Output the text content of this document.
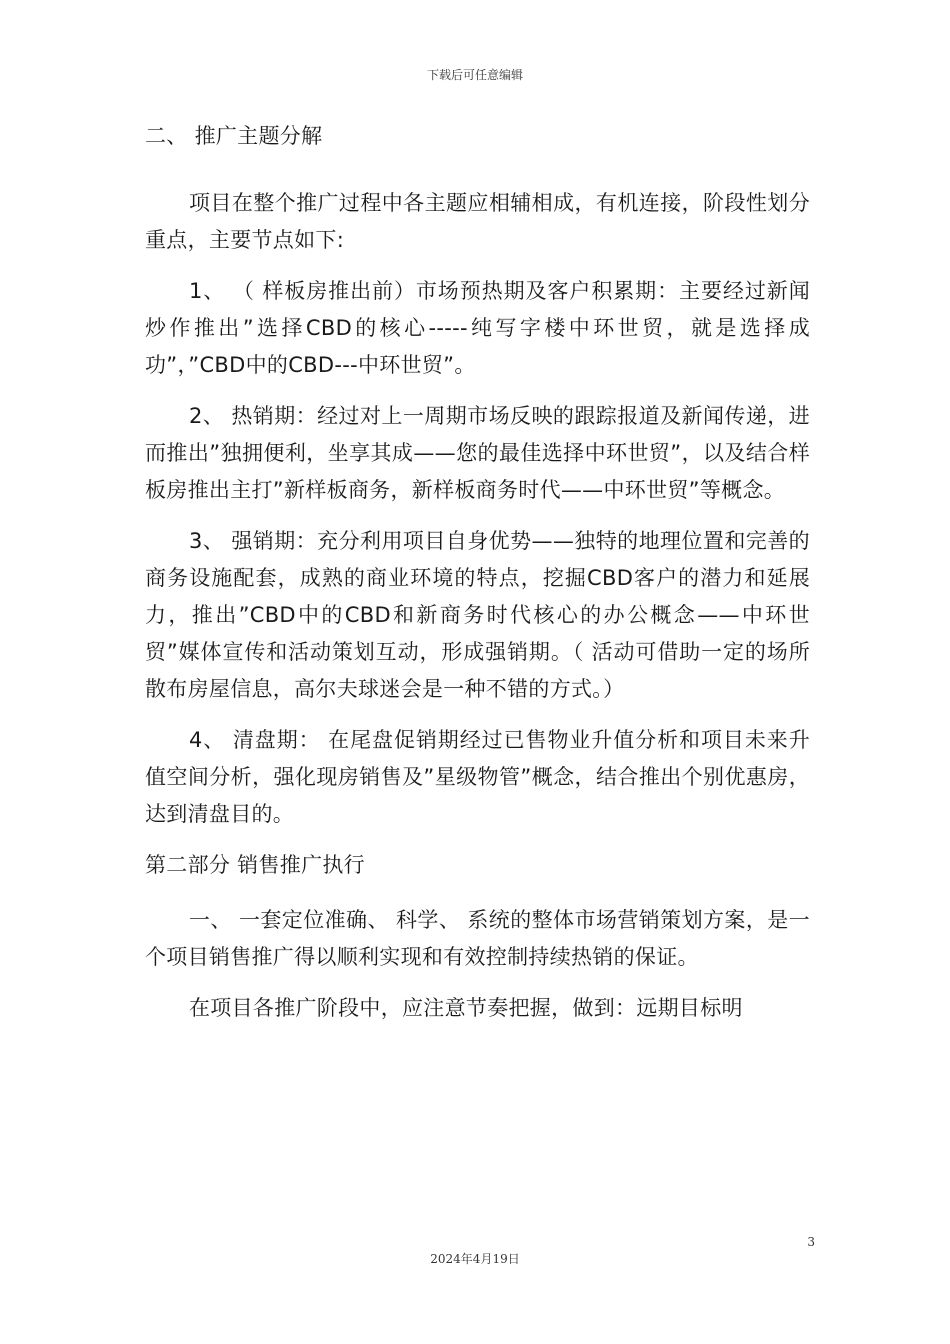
下载后可任意编辑

二、 推广主题分解

项目在整个推广过程中各主题应相辅相成，有机连接，阶段性划分重点，主要节点如下:

1、 （ 样板房推出前）市场预热期及客户积累期：主要经过新闻炒作推出”选择CBD的核心-----纯写字楼中环世贸，就是选择成功”，”CBD中的CBD---中环世贸”。

2、 热销期：经过对上一周期市场反映的跟踪报道及新闻传递，进而推出”独拥便利，坐享其成——您的最佳选择中环世贸”，以及结合样板房推出主打”新样板商务，新样板商务时代——中环世贸”等概念。

3、 强销期：充分利用项目自身优势——独特的地理位置和完善的商务设施配套，成熟的商业环境的特点，挖掘CBD客户的潜力和延展力，推出”CBD中的CBD和新商务时代核心的办公概念——中环世贸”媒体宣传和活动策划互动，形成强销期。（ 活动可借助一定的场所散布房屋信息，高尔夫球迷会是一种不错的方式。）

4、 清盘期： 在尾盘促销期经过已售物业升值分析和项目未来升值空间分析，强化现房销售及”星级物管”概念，结合推出个别优惠房，达到清盘目的。

第二部分 销售推广执行

一、 一套定位准确、 科学、 系统的整体市场营销策划方案，是一个项目销售推广得以顺利实现和有效控制持续热销的保证。

在项目各推广阶段中，应注意节奏把握，做到：远期目标明

3
2024年4月19日
